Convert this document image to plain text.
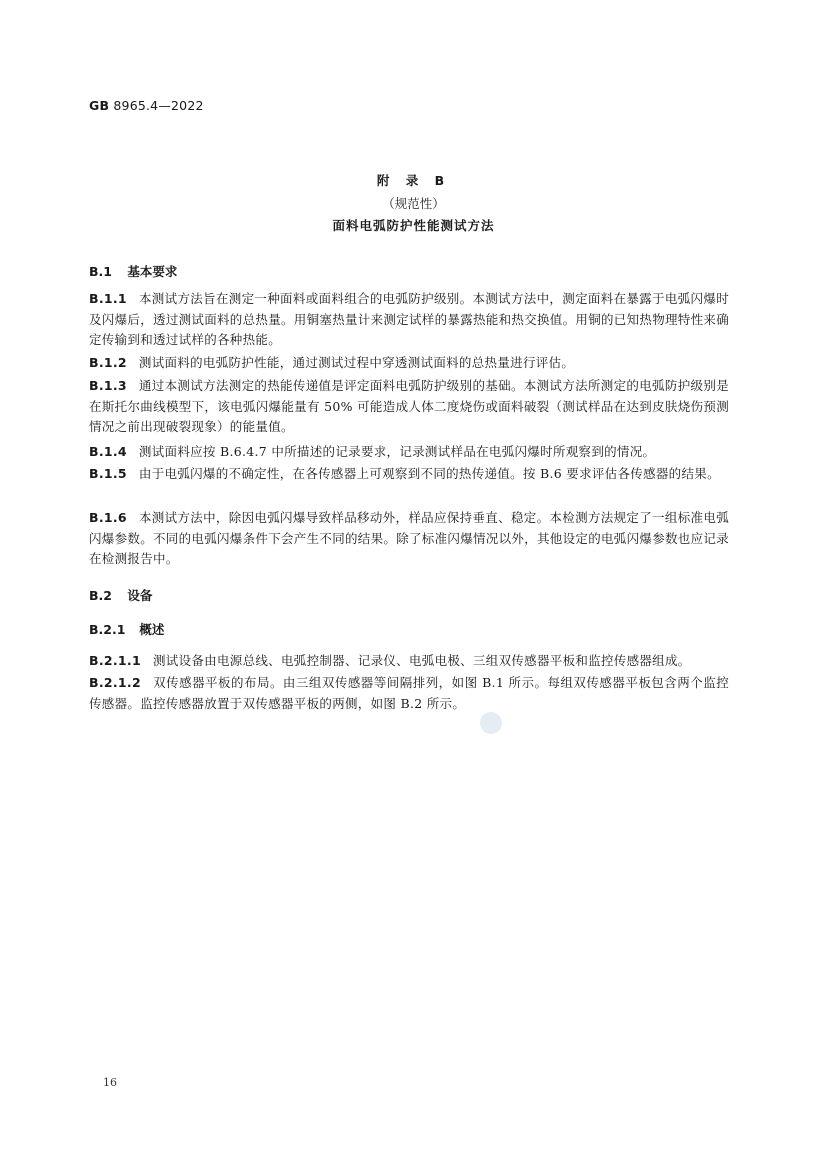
GB 8965.4—2022
附 录 B
（规范性）
面料电弧防护性能测试方法
B.1 基本要求
B.1.1 本测试方法旨在测定一种面料或面料组合的电弧防护级别。本测试方法中，测定面料在暴露于电弧闪爆时及闪爆后，透过测试面料的总热量。用铜塞热量计来测定试样的暴露热能和热交换值。用铜的已知热物理特性来确定传输到和透过试样的各种热能。
B.1.2 测试面料的电弧防护性能，通过测试过程中穿透测试面料的总热量进行评估。
B.1.3 通过本测试方法测定的热能传递值是评定面料电弧防护级别的基础。本测试方法所测定的电弧防护级别是在斯托尔曲线模型下，该电弧闪爆能量有 50% 可能造成人体二度烧伤或面料破裂（测试样品在达到皮肤烧伤预测情况之前出现破裂现象）的能量值。
B.1.4 测试面料应按 B.6.4.7 中所描述的记录要求，记录测试样品在电弧闪爆时所观察到的情况。
B.1.5 由于电弧闪爆的不确定性，在各传感器上可观察到不同的热传递值。按 B.6 要求评估各传感器的结果。
B.1.6 本测试方法中，除因电弧闪爆导致样品移动外，样品应保持垂直、稳定。本检测方法规定了一组标准电弧闪爆参数。不同的电弧闪爆条件下会产生不同的结果。除了标准闪爆情况以外，其他设定的电弧闪爆参数也应记录在检测报告中。
B.2 设备
B.2.1 概述
B.2.1.1 测试设备由电源总线、电弧控制器、记录仪、电弧电极、三组双传感器平板和监控传感器组成。
B.2.1.2 双传感器平板的布局。由三组双传感器等间隔排列，如图 B.1 所示。每组双传感器平板包含两个监控传感器。监控传感器放置于双传感器平板的两侧，如图 B.2 所示。
16
